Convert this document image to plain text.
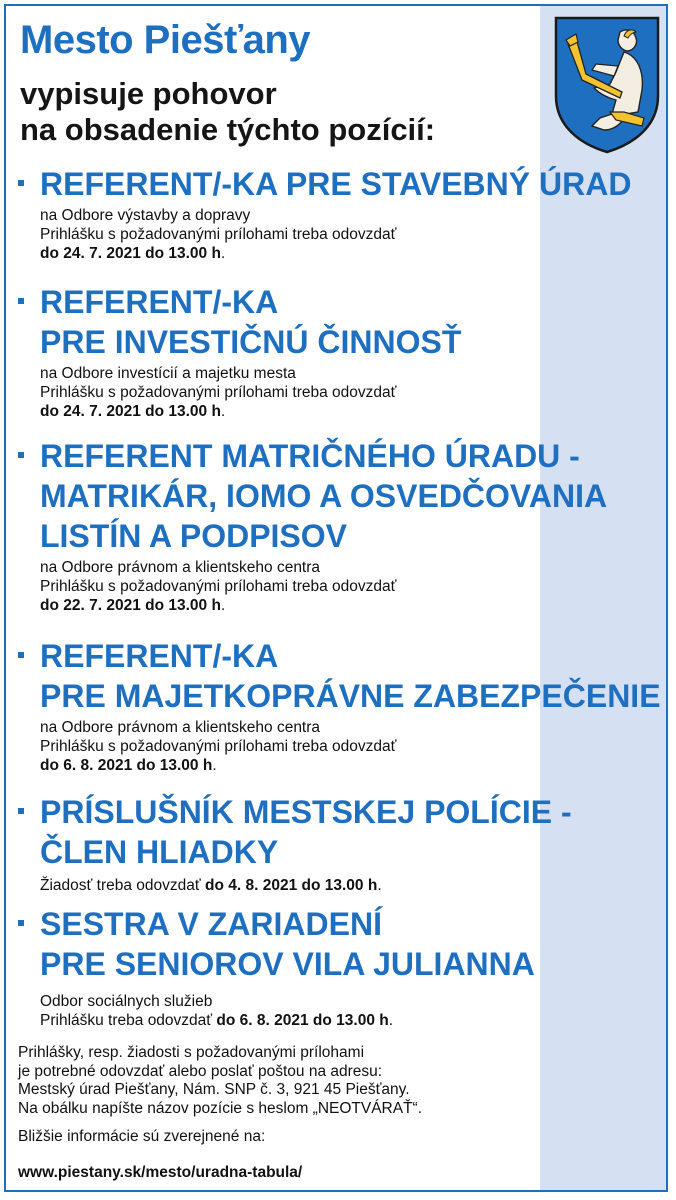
Mesto Piešťany

vypisuje pohovor

na obsadenie týchto pozícií:

REFERENT/-KA PRE STAVEBNÝ ÚRAD

na Odbore výstavby a dopravy

Prihlášku s požadovanými prílohami treba odovzdať

do 24. 7. 2021 do 13.00 h.

REFERENT/-KA

PRE INVESTIČNÚ ČINNOSŤ

na Odbore investícií a majetku mesta

Prihlášku s požadovanými prílohami treba odovzdať

do 24. 7. 2021 do 13.00 h.

REFERENT MATRIČNÉHO ÚRADU -

MATRIKÁR, IOMO A OSVEDČOVANIA

LISTÍN A PODPISOV

na Odbore právnom a klientskeho centra

Prihlášku s požadovanými prílohami treba odovzdať

do 22. 7. 2021 do 13.00 h.

REFERENT/-KA

PRE MAJETKOPRÁVNE ZABEZPEČENIE

na Odbore právnom a klientskeho centra

Prihlášku s požadovanými prílohami treba odovzdať

do 6. 8. 2021 do 13.00 h.

PRÍSLUŠNÍK MESTSKEJ POLÍCIE -

ČLEN HLIADKY

Žiadosť treba odovzdať do 4. 8. 2021 do 13.00 h.

SESTRA V ZARIADENÍ

PRE SENIOROV VILA JULIANNA

Odbor sociálnych služieb

Prihlášku treba odovzdať do 6. 8. 2021 do 13.00 h.

Prihlášky, resp. žiadosti s požadovanými prílohami

je potrebné odovzdať alebo poslať poštou na adresu:

Mestský úrad Piešťany, Nám. SNP č. 3, 921 45 Piešťany.

Na obálku napíšte názov pozície s heslom „NEOTVÁRAŤ“.

Bližšie informácie sú zverejnené na:

www.piestany.sk/mesto/uradna-tabula/
